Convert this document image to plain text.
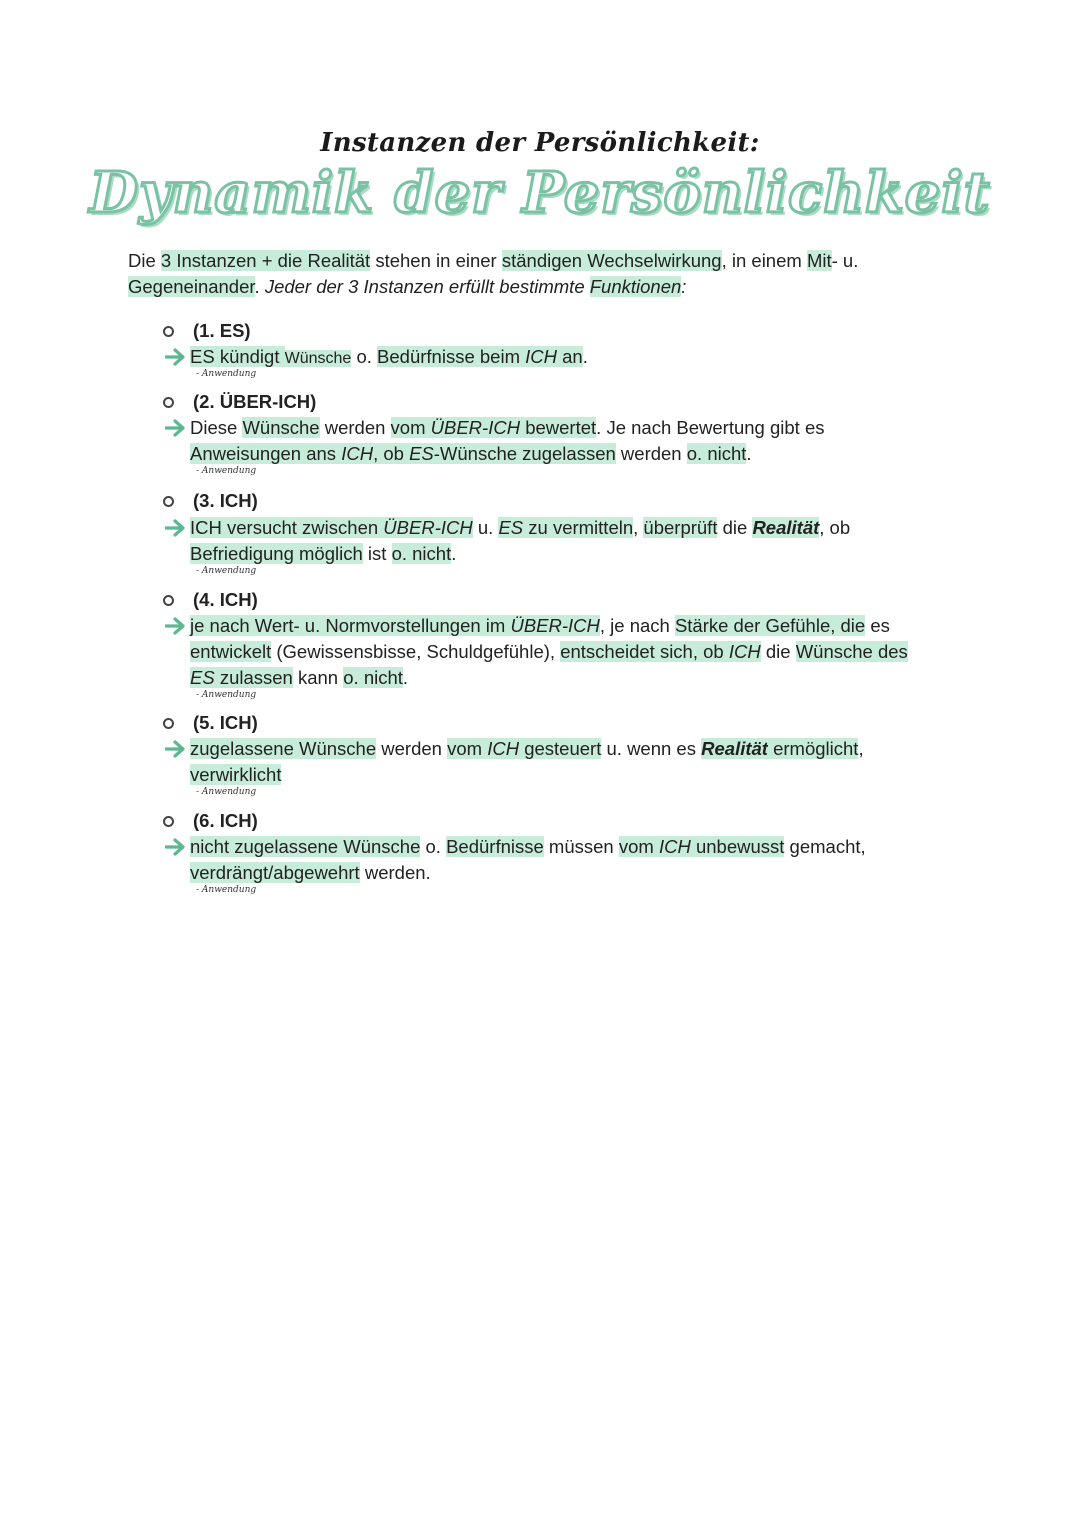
Instanzen der Persönlichkeit:
Dynamik der Persönlichkeit
Die 3 Instanzen + die Realität stehen in einer ständigen Wechselwirkung, in einem Mit- u.
Gegeneinander. Jeder der 3 Instanzen erfüllt bestimmte Funktionen:
(1. ES)
ES kündigt Wünsche o. Bedürfnisse beim ICH an.
- Anwendung
(2. ÜBER-ICH)
Diese Wünsche werden vom ÜBER-ICH bewertet. Je nach Bewertung gibt es
Anweisungen ans ICH, ob ES-Wünsche zugelassen werden o. nicht.
- Anwendung
(3. ICH)
ICH versucht zwischen ÜBER-ICH u. ES zu vermitteln, überprüft die Realität, ob
Befriedigung möglich ist o. nicht.
- Anwendung
(4. ICH)
je nach Wert- u. Normvorstellungen im ÜBER-ICH, je nach Stärke der Gefühle, die es
entwickelt (Gewissensbisse, Schuldgefühle), entscheidet sich, ob ICH die Wünsche des
ES zulassen kann o. nicht.
- Anwendung
(5. ICH)
zugelassene Wünsche werden vom ICH gesteuert u. wenn es Realität ermöglicht,
verwirklicht
- Anwendung
(6. ICH)
nicht zugelassene Wünsche o. Bedürfnisse müssen vom ICH unbewusst gemacht,
verdrängt/abgewehrt werden.
- Anwendung
